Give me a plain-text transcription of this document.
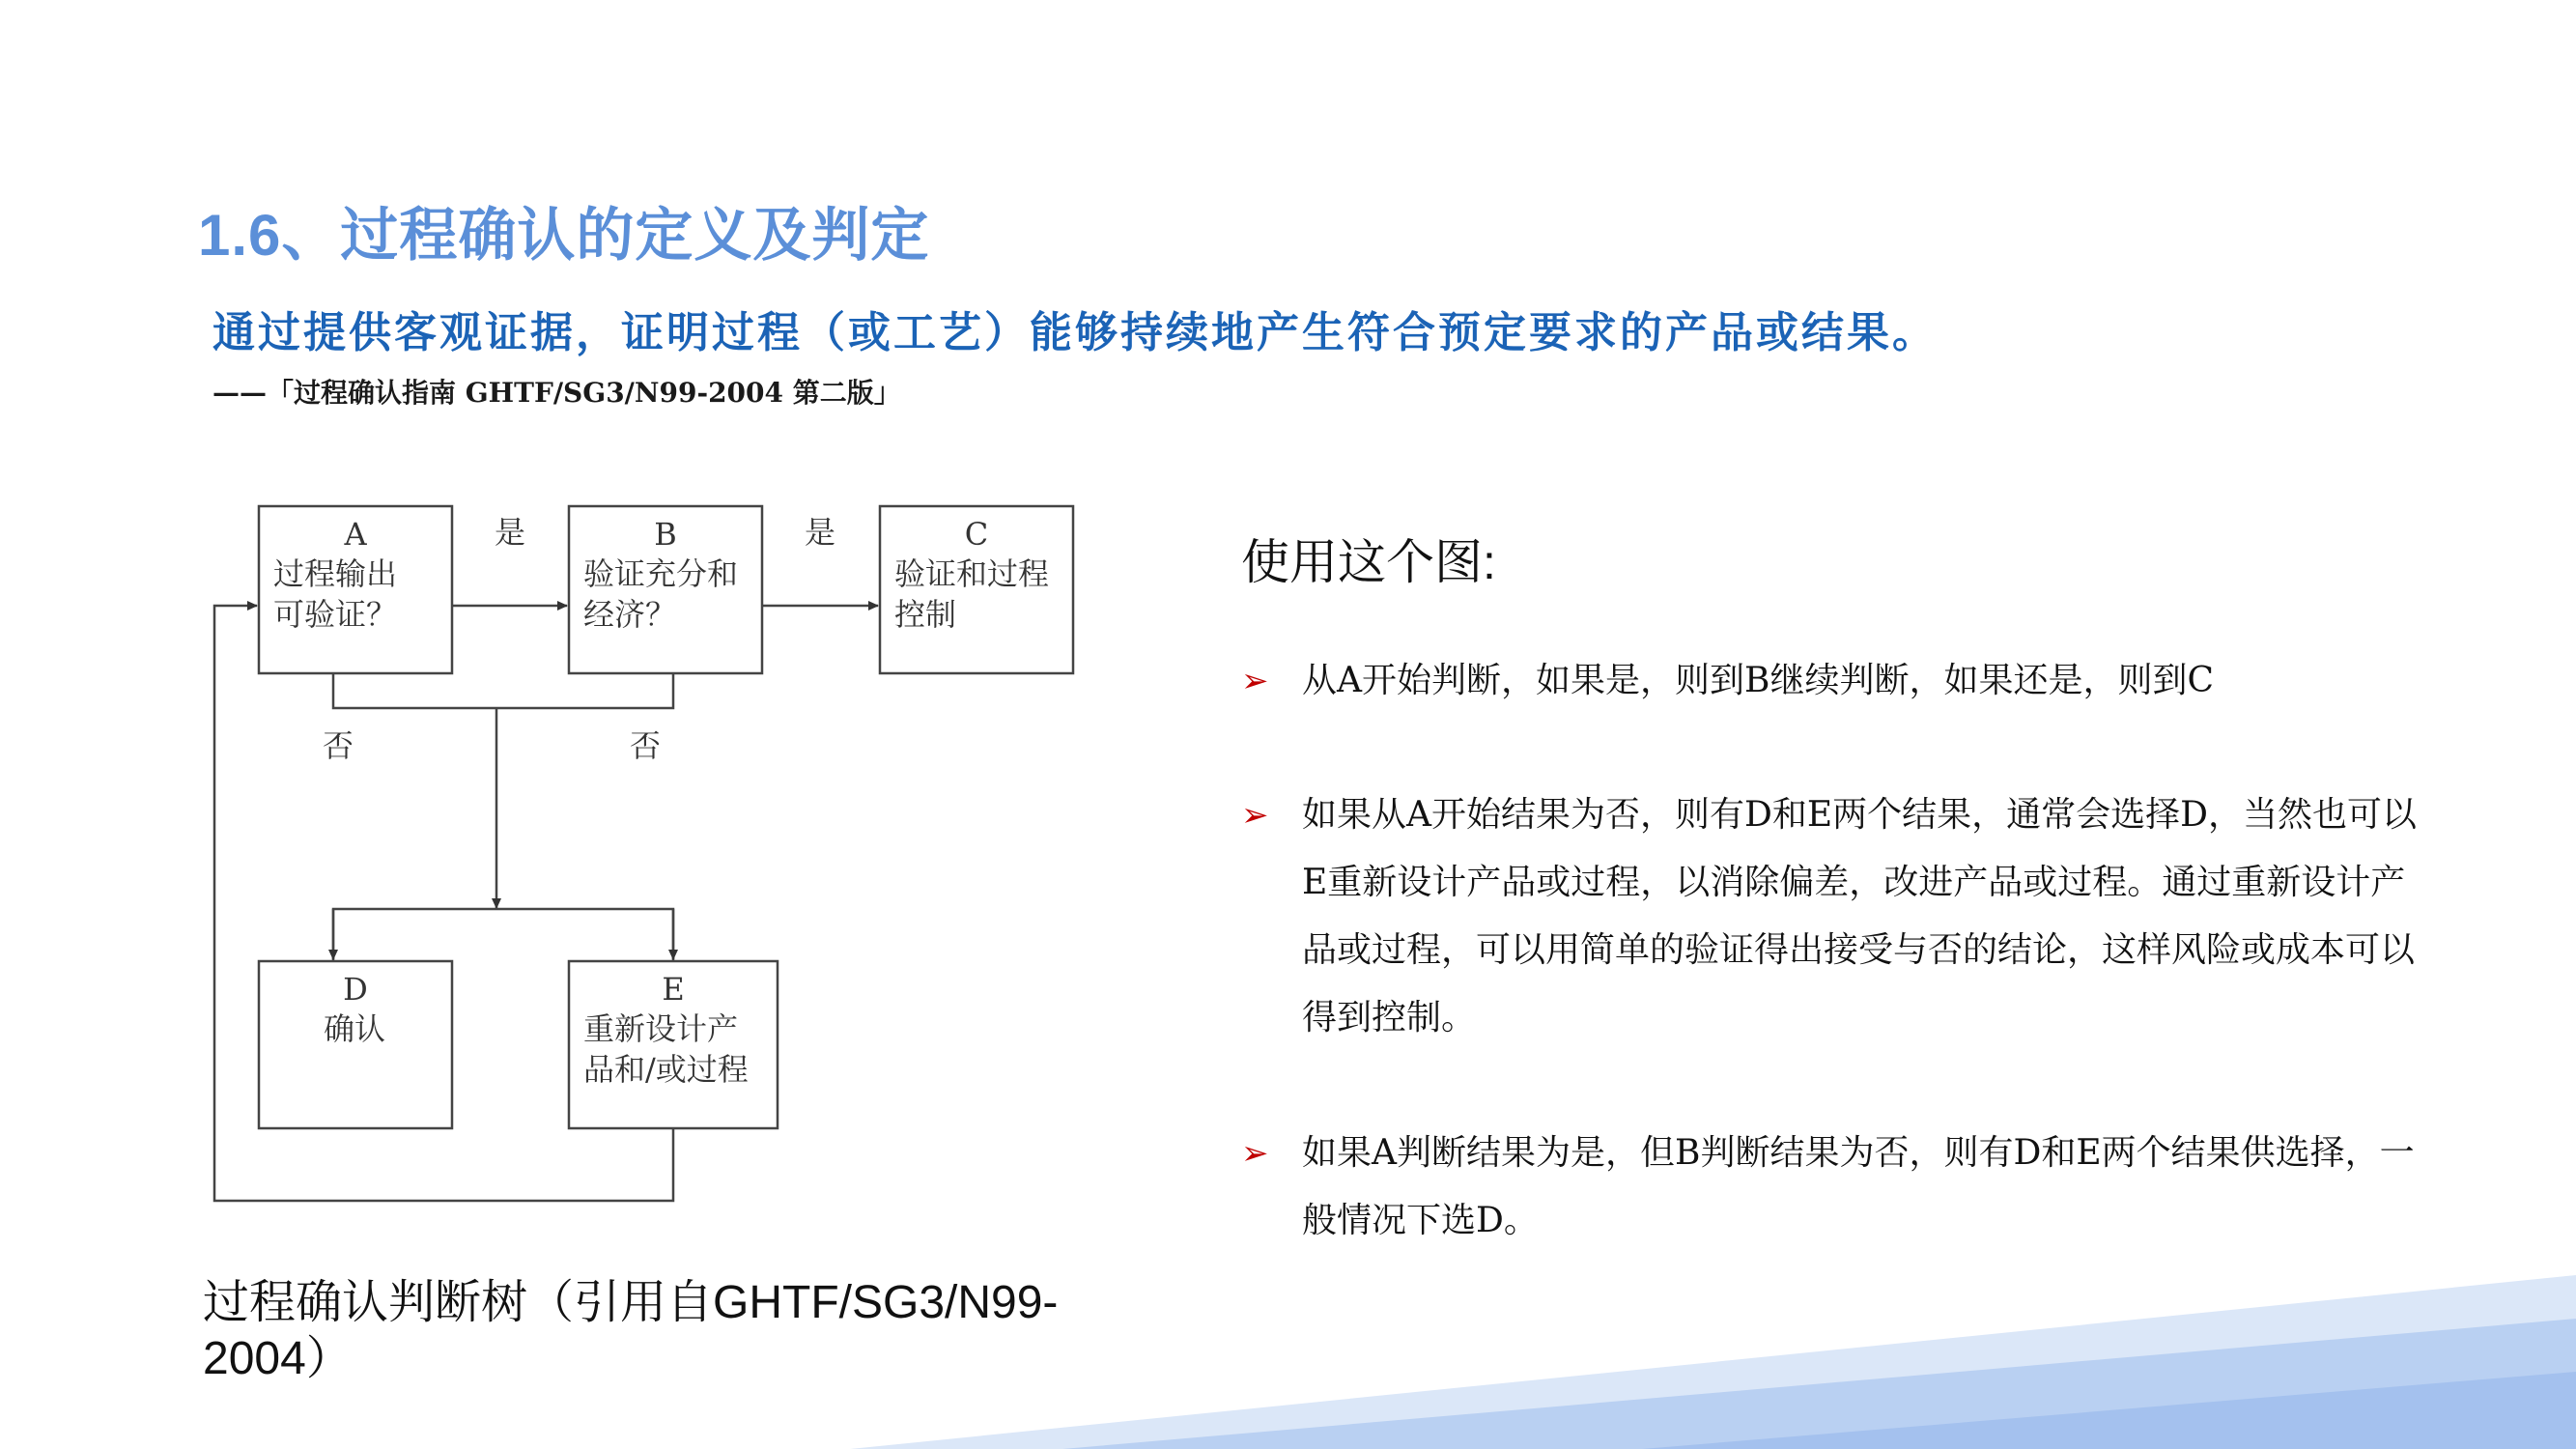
1.6、过程确认的定义及判定
通过提供客观证据，证明过程（或工艺）能够持续地产生符合预定要求的产品或结果。
——「过程确认指南 GHTF/SG3/N99-2004 第二版」
A
过程输出
可验证？
B
验证充分和
经济？
C
验证和过程
控制
D
确认
E
重新设计产
品和/或过程
是	是
否	否
过程确认判断树（引用自GHTF/SG3/N99-2004）
使用这个图:
➢ 从A开始判断，如果是，则到B继续判断，如果还是，则到C
➢ 如果从A开始结果为否，则有D和E两个结果，通常会选择D，当然也可以E重新设计产品或过程，以消除偏差，改进产品或过程。通过重新设计产品或过程，可以用简单的验证得出接受与否的结论，这样风险或成本可以得到控制。
➢ 如果A判断结果为是，但B判断结果为否，则有D和E两个结果供选择，一般情况下选D。
